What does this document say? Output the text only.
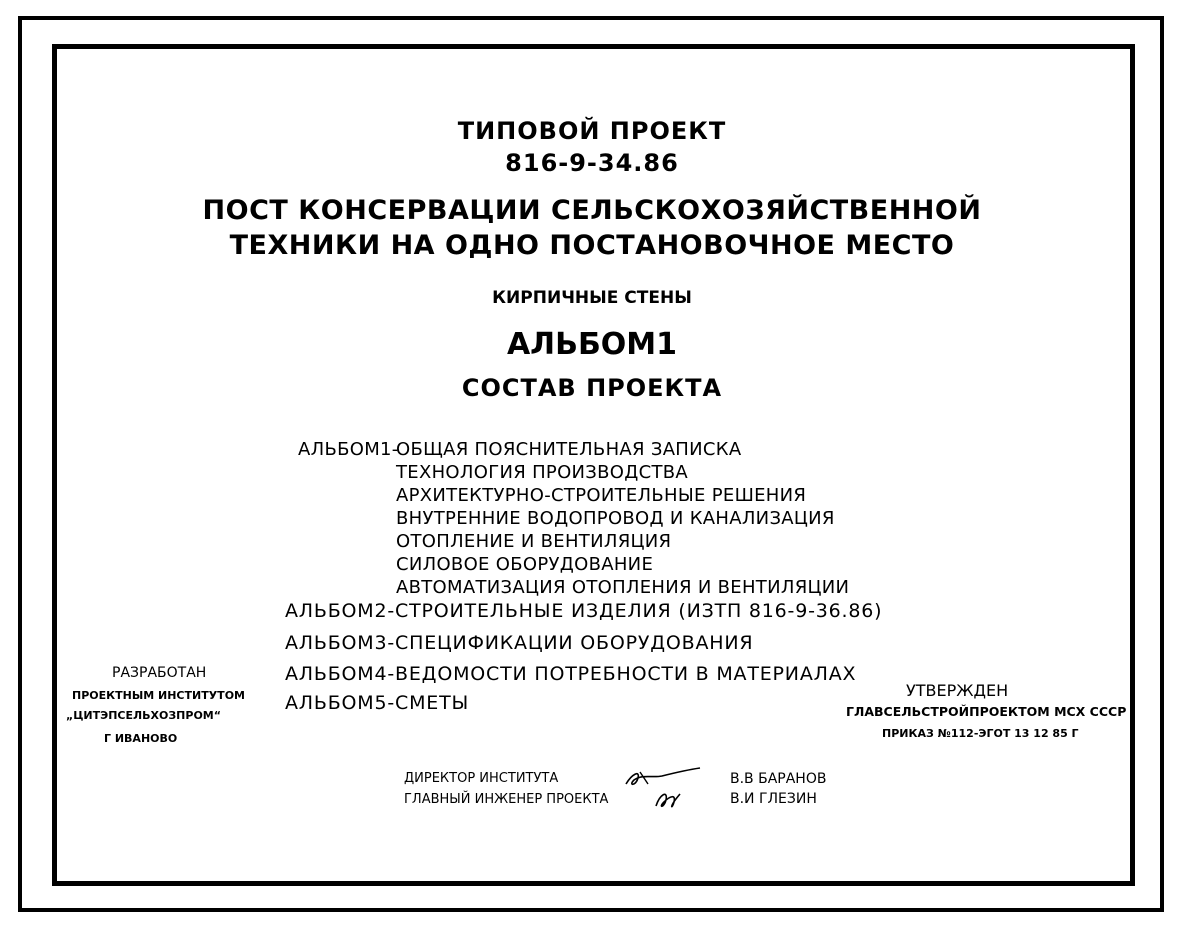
ТИПОВОЙ ПРОЕКТ
816-9-34.86
ПОСТ КОНСЕРВАЦИИ СЕЛЬСКОХОЗЯЙСТВЕННОЙ
ТЕХНИКИ НА ОДНО ПОСТАНОВОЧНОЕ МЕСТО
КИРПИЧНЫЕ СТЕНЫ
АЛЬБОМ1
СОСТАВ ПРОЕКТА
АЛЬБОМ1-
ОБЩАЯ ПОЯСНИТЕЛЬНАЯ ЗАПИСКА
ТЕХНОЛОГИЯ ПРОИЗВОДСТВА
АРХИТЕКТУРНО-СТРОИТЕЛЬНЫЕ РЕШЕНИЯ
ВНУТРЕННИЕ ВОДОПРОВОД И КАНАЛИЗАЦИЯ
ОТОПЛЕНИЕ И ВЕНТИЛЯЦИЯ
СИЛОВОЕ ОБОРУДОВАНИЕ
АВТОМАТИЗАЦИЯ ОТОПЛЕНИЯ И ВЕНТИЛЯЦИИ
АЛЬБОМ2-СТРОИТЕЛЬНЫЕ ИЗДЕЛИЯ (ИЗТП 816-9-36.86)
АЛЬБОМ3-СПЕЦИФИКАЦИИ ОБОРУДОВАНИЯ
АЛЬБОМ4-ВЕДОМОСТИ ПОТРЕБНОСТИ В МАТЕРИАЛАХ
АЛЬБОМ5-СМЕТЫ
РАЗРАБОТАН
ПРОЕКТНЫМ ИНСТИТУТОМ
„ЦИТЭПСЕЛЬХОЗПРОМ“
Г ИВАНОВО
УТВЕРЖДЕН
ГЛАВСЕЛЬСТРОЙПРОЕКТОМ МСХ СССР
ПРИКАЗ №112-ЭГОТ 13 12 85 Г
ДИРЕКТОР ИНСТИТУТА
ГЛАВНЫЙ ИНЖЕНЕР ПРОЕКТА
В.В БАРАНОВ
В.И ГЛЕЗИН
